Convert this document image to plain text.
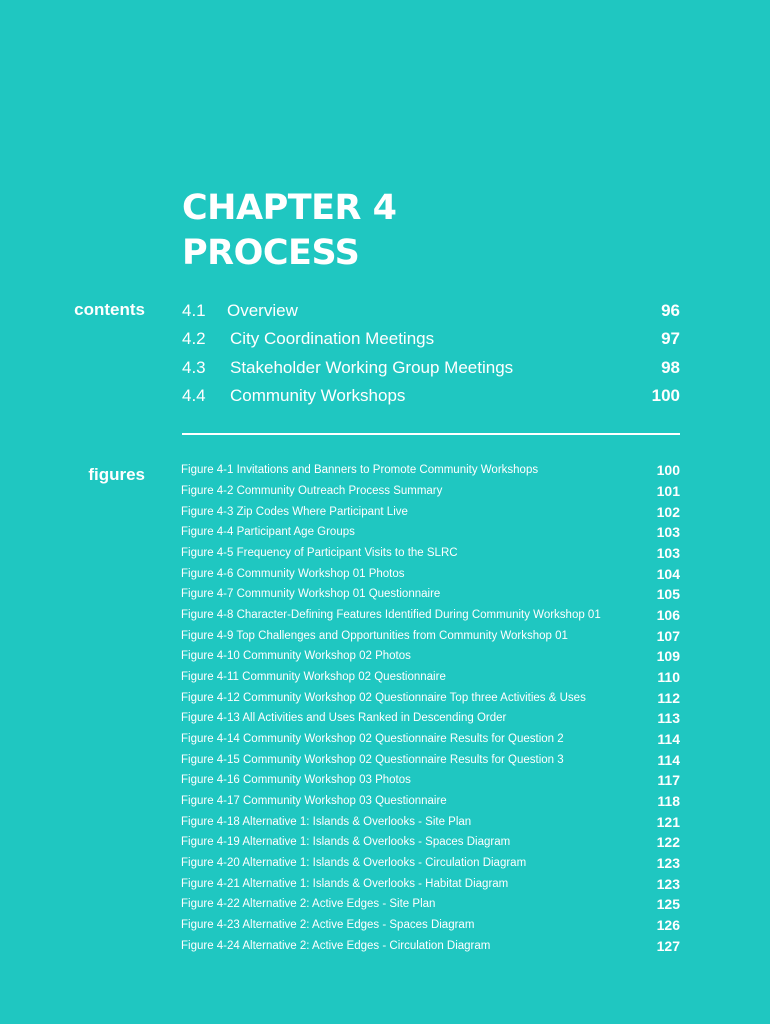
CHAPTER 4
PROCESS
contents 4.1 Overview	96
4.2 City Coordination Meetings	97
4.3 Stakeholder Working Group Meetings	98
4.4 Community Workshops	100
figures	Figure 4-1 Invitations and Banners to Promote Community Workshops	100
Figure 4-2 Community Outreach Process Summary	101
Figure 4-3 Zip Codes Where Participant Live	102
Figure 4-4 Participant Age Groups	103
Figure 4-5 Frequency of Participant Visits to the SLRC	103
Figure 4-6 Community Workshop 01 Photos	104
Figure 4-7 Community Workshop 01 Questionnaire	105
Figure 4-8 Character-Defining Features Identified During Community Workshop 01	106
Figure 4-9 Top Challenges and Opportunities from Community Workshop 01	107
Figure 4-10 Community Workshop 02 Photos	109
Figure 4-11 Community Workshop 02 Questionnaire	110
Figure 4-12 Community Workshop 02 Questionnaire Top three Activities & Uses	112
Figure 4-13 All Activities and Uses Ranked in Descending Order	113
Figure 4-14 Community Workshop 02 Questionnaire Results for Question 2	114
Figure 4-15 Community Workshop 02 Questionnaire Results for Question 3	114
Figure 4-16 Community Workshop 03 Photos	117
Figure 4-17 Community Workshop 03 Questionnaire	118
Figure 4-18 Alternative 1: Islands & Overlooks - Site Plan	121
Figure 4-19 Alternative 1: Islands & Overlooks - Spaces Diagram	122
Figure 4-20 Alternative 1: Islands & Overlooks - Circulation Diagram	123
Figure 4-21 Alternative 1: Islands & Overlooks - Habitat Diagram	123
Figure 4-22 Alternative 2: Active Edges - Site Plan	125
Figure 4-23 Alternative 2: Active Edges - Spaces Diagram	126
Figure 4-24 Alternative 2: Active Edges - Circulation Diagram	127
